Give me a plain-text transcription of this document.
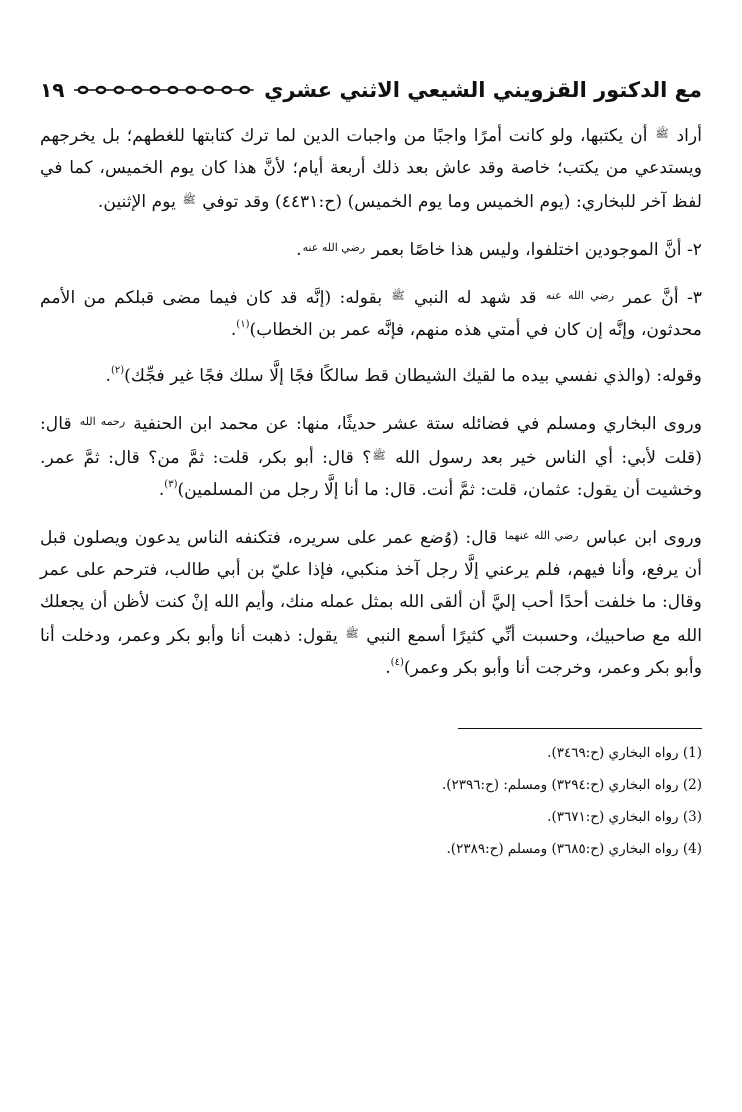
مع الدكتور القزويني الشيعي الاثني عشري
١٩

أراد $^ﷺ$ أن يكتبها، ولو كانت أمرًا واجبًا من واجبات الدين لما ترك كتابتها للغطهم؛ بل يخرجهم ويستدعي من يكتب؛ خاصة وقد عاش بعد ذلك أربعة أيام؛ لأنَّ هذا كان يوم الخميس، كما في لفظ آخر للبخاري: (يوم الخميس وما يوم الخميس) (ح:٤٤٣١) وقد توفي $^ﷺ$ يوم الإثنين.

٢- أنَّ الموجودين اختلفوا، وليس هذا خاصًا بعمر $^{رضي الله عنه}$.

٣- أنَّ عمر $^{رضي الله عنه}$ قد شهد له النبي $^ﷺ$ بقوله: (إنَّه قد كان فيما مضى قبلكم من الأمم محدثون، وإنَّه إن كان في أمتي هذه منهم، فإنَّه عمر بن الخطاب)$^{(١)}$.

وقوله: (والذي نفسي بيده ما لقيك الشيطان قط سالكًا فجًا إلَّا سلك فجًا غير فجِّك)$^{(٢)}$.

وروى البخاري ومسلم في فضائله ستة عشر حديثًا، منها: عن محمد ابن الحنفية $^{رحمه الله}$ قال: (قلت لأبي: أي الناس خير بعد رسول الله $^ﷺ$؟ قال: أبو بكر، قلت: ثمَّ من؟ قال: ثمَّ عمر. وخشيت أن يقول: عثمان، قلت: ثمَّ أنت. قال: ما أنا إلَّا رجل من المسلمين)$^{(٣)}$.

وروى ابن عباس $^{رضي الله عنهما}$ قال: (وُضع عمر على سريره، فتكنفه الناس يدعون ويصلون قبل أن يرفع، وأنا فيهم، فلم يرعني إلَّا رجل آخذ منكبي، فإذا عليّ بن أبي طالب، فترحم على عمر وقال: ما خلفت أحدًا أحب إليَّ أن ألقى الله بمثل عمله منك، وأيم الله إنْ كنت لأظن أن يجعلك الله مع صاحبيك، وحسبت أنِّي كثيرًا أسمع النبي $^ﷺ$ يقول: ذهبت أنا وأبو بكر وعمر، ودخلت أنا وأبو بكر وعمر، وخرجت أنا وأبو بكر وعمر)$^{(٤)}$.

(1) رواه البخاري (ح:٣٤٦٩).
(2) رواه البخاري (ح:٣٢٩٤) ومسلم: (ح:٢٣٩٦).
(3) رواه البخاري (ح:٣٦٧١).
(4) رواه البخاري (ح:٣٦٨٥) ومسلم (ح:٢٣٨٩).
